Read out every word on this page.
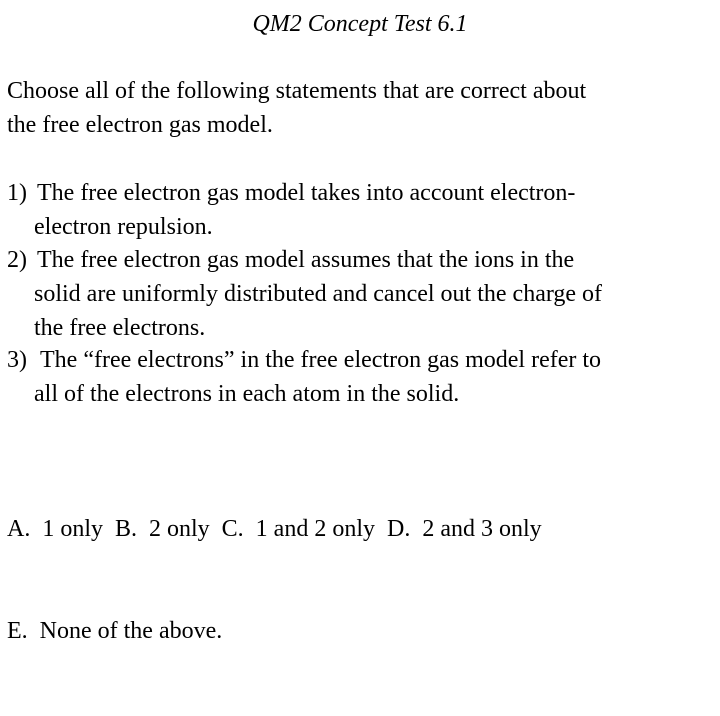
QM2 Concept Test 6.1
Choose all of the following statements that are correct about
the free electron gas model.
1) The free electron gas model takes into account electron-
electron repulsion.
2) The free electron gas model assumes that the ions in the
solid are uniformly distributed and cancel out the charge of
the free electrons.
3) The “free electrons” in the free electron gas model refer to
all of the electrons in each atom in the solid.

A.  1 only  B.  2 only  C.  1 and 2 only  D.  2 and 3 only

E.  None of the above.
